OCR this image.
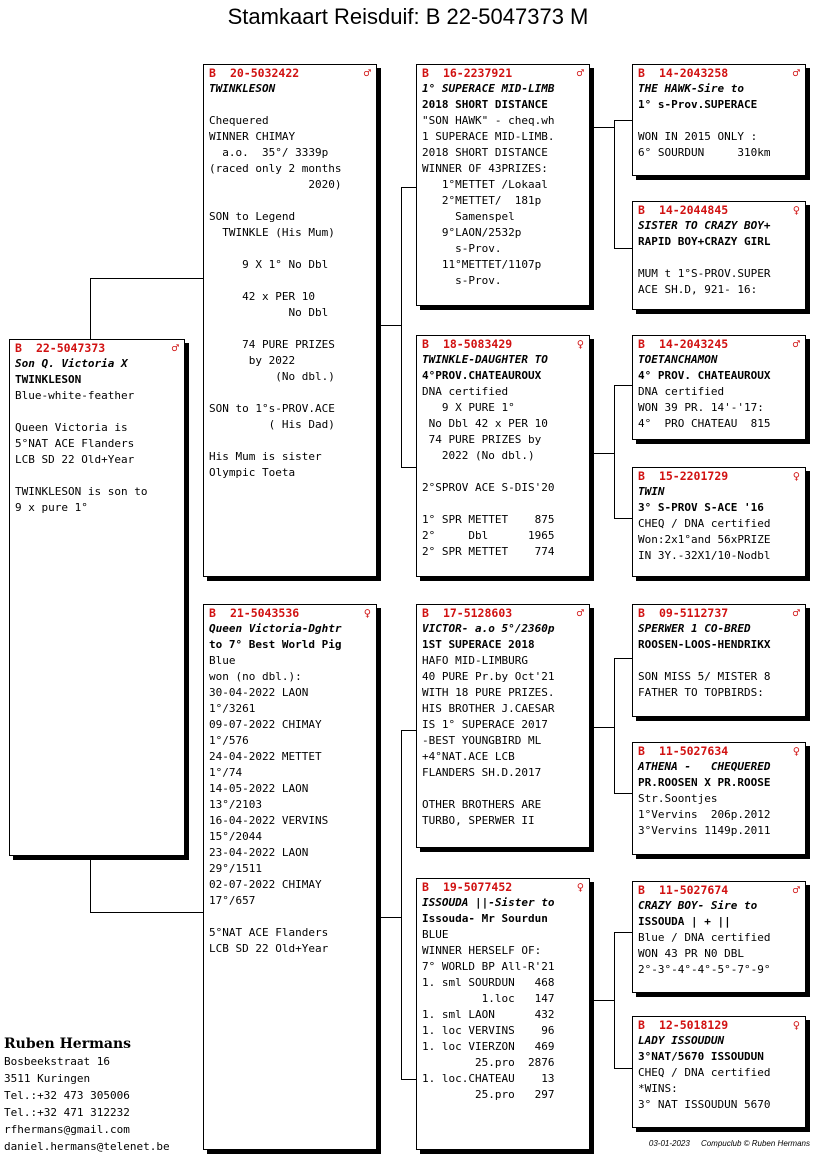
Stamkaart Reisduif: B 22-5047373 M
B 22-5047373	♂
Son Q. Victoria X
TWINKLESON
Blue-white-feather

Queen Victoria is
5°NAT ACE Flanders
LCB SD 22 Old+Year

TWINKLESON is son to
9 x pure 1°
B 20-5032422	♂
TWINKLESON

Chequered
WINNER CHIMAY
a.o.  35°/ 3339p
(raced only 2 months
2020)

SON to Legend
TWINKLE (His Mum)

9 X 1° No Dbl

42 x PER 10
No Dbl

74 PURE PRIZES
by 2022
(No dbl.)

SON to 1°s-PROV.ACE
( His Dad)

His Mum is sister
Olympic Toeta
B 21-5043536	♀
Queen Victoria-Dghtr
to 7° Best World Pig
Blue
won (no dbl.):
30-04-2022 LAON
1°/3261
09-07-2022 CHIMAY
1°/576
24-04-2022 METTET
1°/74
14-05-2022 LAON
13°/2103
16-04-2022 VERVINS
15°/2044
23-04-2022 LAON
29°/1511
02-07-2022 CHIMAY
17°/657

5°NAT ACE Flanders
LCB SD 22 Old+Year
B 16-2237921	♂
1° SUPERACE MID-LIMB
2018 SHORT DISTANCE
"SON HAWK" - cheq.wh
1 SUPERACE MID-LIMB.
2018 SHORT DISTANCE
WINNER OF 43PRIZES:
1°METTET /Lokaal
2°METTET/  181p
Samenspel
9°LAON/2532p
s-Prov.
11°METTET/1107p
s-Prov.
B 18-5083429	♀
TWINKLE-DAUGHTER TO
4°PROV.CHATEAUROUX
DNA certified
9 X PURE 1°
No Dbl 42 x PER 10
74 PURE PRIZES by
2022 (No dbl.)

2°SPROV ACE S-DIS'20

1° SPR METTET    875
2°     Dbl      1965
2° SPR METTET    774
B 17-5128603	♂
VICTOR- a.o 5°/2360p
1ST SUPERACE 2018
HAFO MID-LIMBURG
40 PURE Pr.by Oct'21
WITH 18 PURE PRIZES.
HIS BROTHER J.CAESAR
IS 1° SUPERACE 2017
-BEST YOUNGBIRD ML
+4°NAT.ACE LCB
FLANDERS SH.D.2017

OTHER BROTHERS ARE
TURBO, SPERWER II
B 19-5077452	♀
ISSOUDA ||-Sister to
Issouda- Mr Sourdun
BLUE
WINNER HERSELF OF:
7° WORLD BP All-R'21
1. sml SOURDUN   468
1.loc   147
1. sml LAON      432
1. loc VERVINS    96
1. loc VIERZON   469
25.pro  2876
1. loc.CHATEAU    13
25.pro   297
B 14-2043258	♂
THE HAWK-Sire to
1° s-Prov.SUPERACE

WON IN 2015 ONLY :
6° SOURDUN     310km
B 14-2044845	♀
SISTER TO CRAZY BOY+
RAPID BOY+CRAZY GIRL

MUM t 1°S-PROV.SUPER
ACE SH.D, 921- 16:
B 14-2043245	♂
TOETANCHAMON
4° PROV. CHATEAUROUX
DNA certified
WON 39 PR. 14'-'17:
4°  PRO CHATEAU  815
B 15-2201729	♀
TWIN
3° S-PROV S-ACE '16
CHEQ / DNA certified
Won:2x1°and 56xPRIZE
IN 3Y.-32X1/10-Nodbl
B 09-5112737	♂
SPERWER 1 CO-BRED
ROOSEN-LOOS-HENDRIKX

SON MISS 5/ MISTER 8
FATHER TO TOPBIRDS:
B 11-5027634	♀
ATHENA -   CHEQUERED
PR.ROOSEN X PR.ROOSE
Str.Soontjes
1°Vervins  206p.2012
3°Vervins 1149p.2011
B 11-5027674	♂
CRAZY BOY- Sire to
ISSOUDA | + ||
Blue / DNA certified
WON 43 PR N0 DBL
2°-3°-4°-4°-5°-7°-9°
B 12-5018129	♀
LADY ISSOUDUN
3°NAT/5670 ISSOUDUN
CHEQ / DNA certified
*WINS:
3° NAT ISSOUDUN 5670
Ruben Hermans
Bosbeekstraat 16
3511 Kuringen
Tel.:+32 473 305006
Tel.:+32 471 312232
rfhermans@gmail.com
daniel.hermans@telenet.be	03-01-2023 Compuclub © Ruben Hermans
